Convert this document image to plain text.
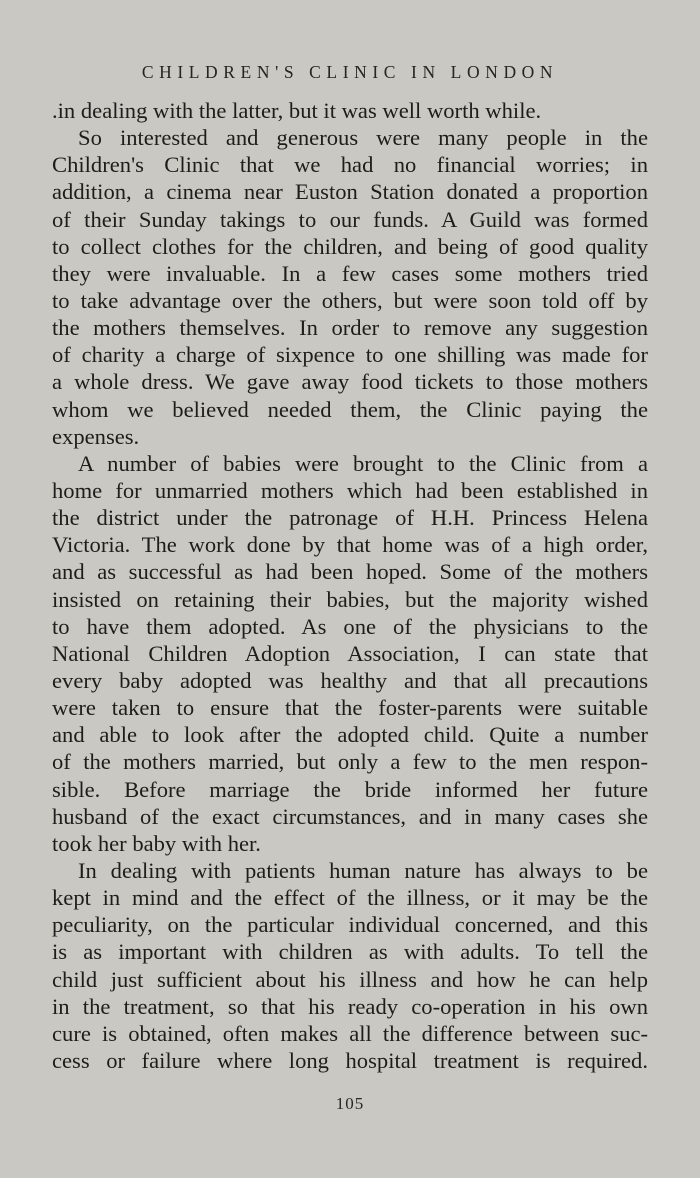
CHILDREN'S CLINIC IN LONDON
.in dealing with the latter, but it was well worth while.
So interested and generous were many people in the
Children's Clinic that we had no financial worries; in
addition, a cinema near Euston Station donated a proportion
of their Sunday takings to our funds. A Guild was formed
to collect clothes for the children, and being of good quality
they were invaluable. In a few cases some mothers tried
to take advantage over the others, but were soon told off by
the mothers themselves. In order to remove any suggestion
of charity a charge of sixpence to one shilling was made for
a whole dress. We gave away food tickets to those mothers
whom we believed needed them, the Clinic paying the
expenses.
A number of babies were brought to the Clinic from a
home for unmarried mothers which had been established in
the district under the patronage of H.H. Princess Helena
Victoria. The work done by that home was of a high order,
and as successful as had been hoped. Some of the mothers
insisted on retaining their babies, but the majority wished
to have them adopted. As one of the physicians to the
National Children Adoption Association, I can state that
every baby adopted was healthy and that all precautions
were taken to ensure that the foster-parents were suitable
and able to look after the adopted child. Quite a number
of the mothers married, but only a few to the men respon-
sible. Before marriage the bride informed her future
husband of the exact circumstances, and in many cases she
took her baby with her.
In dealing with patients human nature has always to be
kept in mind and the effect of the illness, or it may be the
peculiarity, on the particular individual concerned, and this
is as important with children as with adults. To tell the
child just sufficient about his illness and how he can help
in the treatment, so that his ready co-operation in his own
cure is obtained, often makes all the difference between suc-
cess or failure where long hospital treatment is required.
105
